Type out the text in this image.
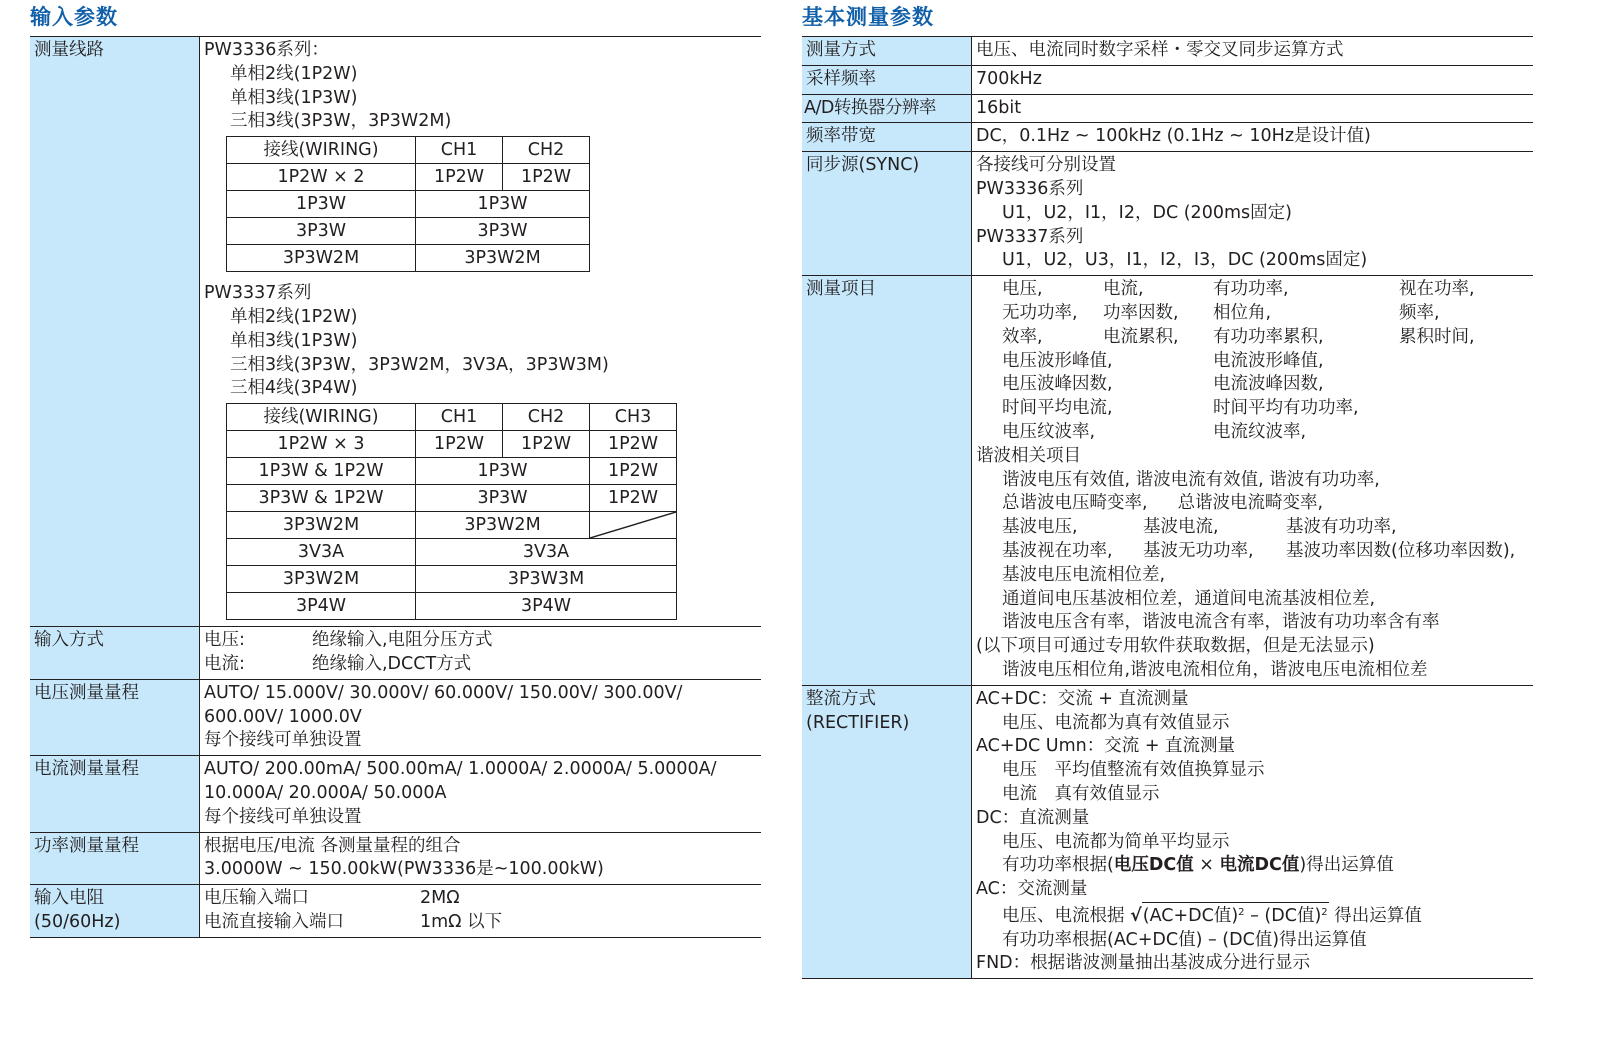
输入参数
测量线路	PW3336系列：
单相2线(1P2W)
单相3线(1P3W)
三相3线(3P3W，3P3W2M)
接线(WIRING)	CH1	CH2
1P2W × 2	1P2W	1P2W
1P3W	1P3W
3P3W	3P3W
3P3W2M	3P3W2M
PW3337系列
单相2线(1P2W)
单相3线(1P3W)
三相3线(3P3W，3P3W2M，3V3A，3P3W3M)
三相4线(3P4W)
接线(WIRING)	CH1	CH2	CH3
1P2W × 3	1P2W	1P2W	1P2W
1P3W & 1P2W	1P3W	1P2W
3P3W & 1P2W	3P3W	1P2W
3P3W2M	3P3W2M	

3V3A	3V3A
3P3W2M	3P3W3M
3P4W	3P4W

输入方式	电压:	绝缘输入,电阻分压方式
电流:	绝缘输入,DCCT方式

电压测量量程	AUTO/ 15.000V/ 30.000V/ 60.000V/ 150.00V/ 300.00V/
600.00V/ 1000.0V
每个接线可单独设置

电流测量量程	AUTO/ 200.00mA/ 500.00mA/ 1.0000A/ 2.0000A/ 5.0000A/
10.000A/ 20.000A/ 50.000A
每个接线可单独设置

功率测量量程	根据电压/电流 各测量量程的组合
3.0000W ~ 150.00kW(PW3336是~100.00kW)

输入电阻
(50/60Hz)

电压输入端口	2MΩ
电流直接输入端口	1mΩ 以下
基本测量参数
测量方式	电压、电流同时数字采样・零交叉同步运算方式
采样频率	700kHz
A/D转换器分辨率	16bit
频率带宽	DC，0.1Hz ~ 100kHz (0.1Hz ~ 10Hz是设计值)
同步源(SYNC)	各接线可分别设置
PW3336系列
U1，U2，I1，I2，DC (200ms固定)
PW3337系列
U1，U2，U3，I1，I2，I3，DC (200ms固定)

测量项目	电压,	电流,	有功功率,	视在功率,
无功功率,	功率因数,	相位角,	频率,
效率,	电流累积,	有功功率累积,	累积时间,
电压波形峰值,	电流波形峰值,
电压波峰因数,	电流波峰因数,
时间平均电流,	时间平均有功功率,
电压纹波率,	电流纹波率,
谐波相关项目
谐波电压有效值, 谐波电流有效值, 谐波有功功率,
总谐波电压畸变率, 总谐波电流畸变率,
基波电压,	基波电流,	基波有功功率,
基波视在功率,	基波无功功率,	基波功率因数(位移功率因数),
基波电压电流相位差,
通道间电压基波相位差，通道间电流基波相位差,
谐波电压含有率，谐波电流含有率，谐波有功功率含有率
(以下项目可通过专用软件获取数据，但是无法显示)
谐波电压相位角,谐波电流相位角，谐波电压电流相位差

整流方式
(RECTIFIER)

AC+DC：交流 + 直流测量
电压、电流都为真有效值显示
AC+DC Umn：交流 + 直流测量
电压　平均值整流有效值换算显示
电流　真有效值显示
DC：直流测量
电压、电流都为简单平均显示
有功功率根据(电压DC值 × 电流DC值)得出运算值
AC：交流测量
电压、电流根据 √(AC+DC值)$^2$ – (DC值)$^2$ 得出运算值
有功功率根据(AC+DC值) – (DC值)得出运算值
FND：根据谐波测量抽出基波成分进行显示
